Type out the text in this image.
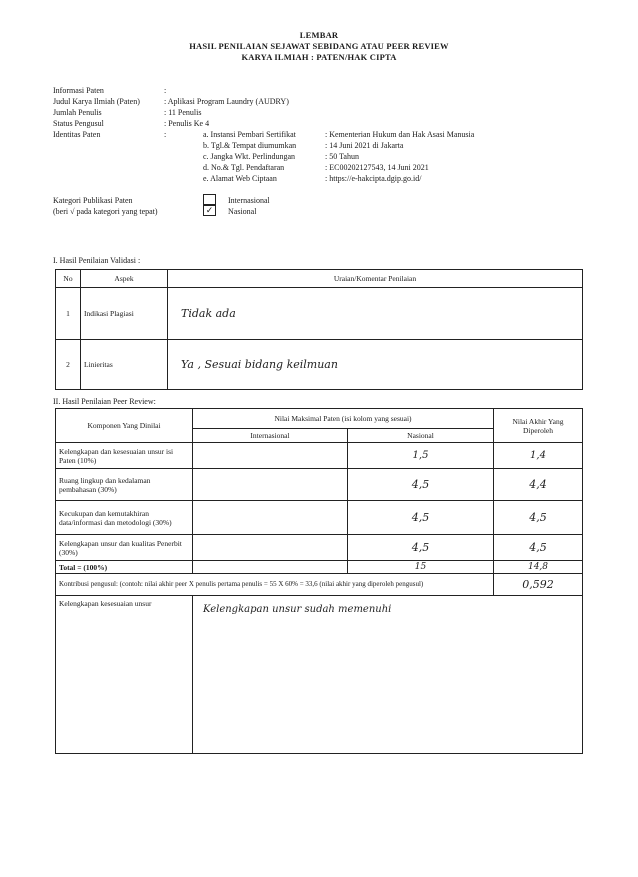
LEMBAR
HASIL PENILAIAN SEJAWAT SEBIDANG ATAU PEER REVIEW
KARYA ILMIAH : PATEN/HAK CIPTA
Informasi Paten	:
Judul Karya Ilmiah (Paten)	: Aplikasi Program Laundry (AUDRY)
Jumlah Penulis	: 11 Penulis
Status Pengusul	: Penulis Ke 4
Identitas Paten	:	a. Instansi Pembari Sertifikat	: Kementerian Hukum dan Hak Asasi Manusia
b. Tgl.& Tempat diumumkan	: 14 Juni 2021 di Jakarta
c. Jangka Wkt. Perlindungan	: 50 Tahun
d. No.& Tgl. Pendaftaran	: EC00202127543, 14 Juni 2021
e. Alamat Web Ciptaan	: https://e-hakcipta.dgip.go.id/
Kategori Publikasi Paten
(beri √ pada kategori yang tepat)
Internasional
✓	Nasional
I. Hasil Penilaian Validasi :
No	Aspek	Uraian/Komentar Penilaian
1	Indikasi Plagiasi	Tidak ada
2	Linieritas	Ya , Sesuai bidang keilmuan
II. Hasil Penilaian Peer Review:
Komponen Yang Dinilai	Nilai Maksimal Paten (isi kolom yang sesuai)		Nilai Akhir Yang Diperoleh
	Internasional	Nasional	
Kelengkapan dan kesesuaian unsur isi Paten (10%)		1,5	1,4
Ruang lingkup dan kedalaman pembahasan (30%)		4,5	4,4
Kecukupan dan kemutakhiran data/informasi dan metodologi (30%)		4,5	4,5
Kelengkapan unsur dan kualitas Penerbit (30%)		4,5	4,5
Total = (100%)		15	14,8
Kontribusi pengusul: (contoh: nilai akhir peer X penulis pertama penulis = 55 X 60% = 33,6 (nilai akhir yang diperoleh pengusul)			0,592
Kelengkapan kesesuaian unsur	Kelengkapan unsur sudah memenuhi		
